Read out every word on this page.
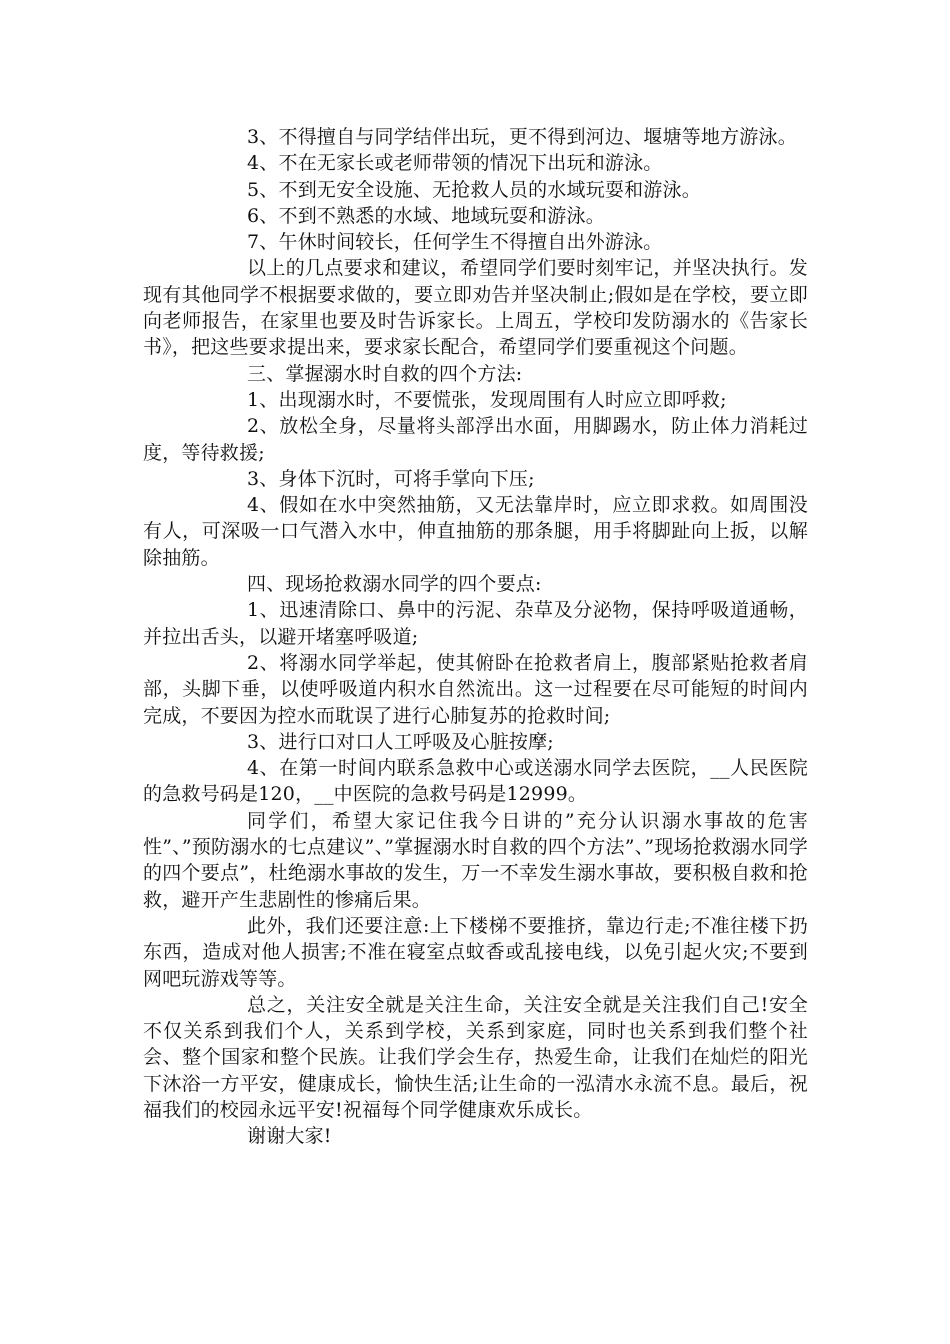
3、不得擅自与同学结伴出玩，更不得到河边、堰塘等地方游泳。

4、不在无家长或老师带领的情况下出玩和游泳。

5、不到无安全设施、无抢救人员的水域玩耍和游泳。

6、不到不熟悉的水域、地域玩耍和游泳。

7、午休时间较长，任何学生不得擅自出外游泳。

以上的几点要求和建议，希望同学们要时刻牢记，并坚决执行。发现有其他同学不根据要求做的，要立即劝告并坚决制止;假如是在学校，要立即向老师报告，在家里也要及时告诉家长。上周五，学校印发防溺水的《告家长书》，把这些要求提出来，要求家长配合，希望同学们要重视这个问题。

三、掌握溺水时自救的四个方法:

1、出现溺水时，不要慌张，发现周围有人时应立即呼救;

2、放松全身，尽量将头部浮出水面，用脚踢水，防止体力消耗过度，等待救援;

3、身体下沉时，可将手掌向下压;

4、假如在水中突然抽筋，又无法靠岸时，应立即求救。如周围没有人，可深吸一口气潜入水中，伸直抽筋的那条腿，用手将脚趾向上扳，以解除抽筋。

四、现场抢救溺水同学的四个要点:

1、迅速清除口、鼻中的污泥、杂草及分泌物，保持呼吸道通畅，并拉出舌头，以避开堵塞呼吸道;

2、将溺水同学举起，使其俯卧在抢救者肩上，腹部紧贴抢救者肩部，头脚下垂，以使呼吸道内积水自然流出。这一过程要在尽可能短的时间内完成，不要因为控水而耽误了进行心肺复苏的抢救时间;

3、进行口对口人工呼吸及心脏按摩;

4、在第一时间内联系急救中心或送溺水同学去医院，__人民医院的急救号码是120，__中医院的急救号码是12999。

同学们，希望大家记住我今日讲的”充分认识溺水事故的危害性”、”预防溺水的七点建议”、”掌握溺水时自救的四个方法”、”现场抢救溺水同学的四个要点”，杜绝溺水事故的发生，万一不幸发生溺水事故，要积极自救和抢救，避开产生悲剧性的惨痛后果。

此外，我们还要注意:上下楼梯不要推挤，靠边行走;不准往楼下扔东西，造成对他人损害;不准在寝室点蚊香或乱接电线，以免引起火灾;不要到网吧玩游戏等等。

总之，关注安全就是关注生命，关注安全就是关注我们自己!安全不仅关系到我们个人，关系到学校，关系到家庭，同时也关系到我们整个社会、整个国家和整个民族。让我们学会生存，热爱生命，让我们在灿烂的阳光下沐浴一方平安，健康成长，愉快生活;让生命的一泓清水永流不息。最后，祝福我们的校园永远平安!祝福每个同学健康欢乐成长。

谢谢大家!
